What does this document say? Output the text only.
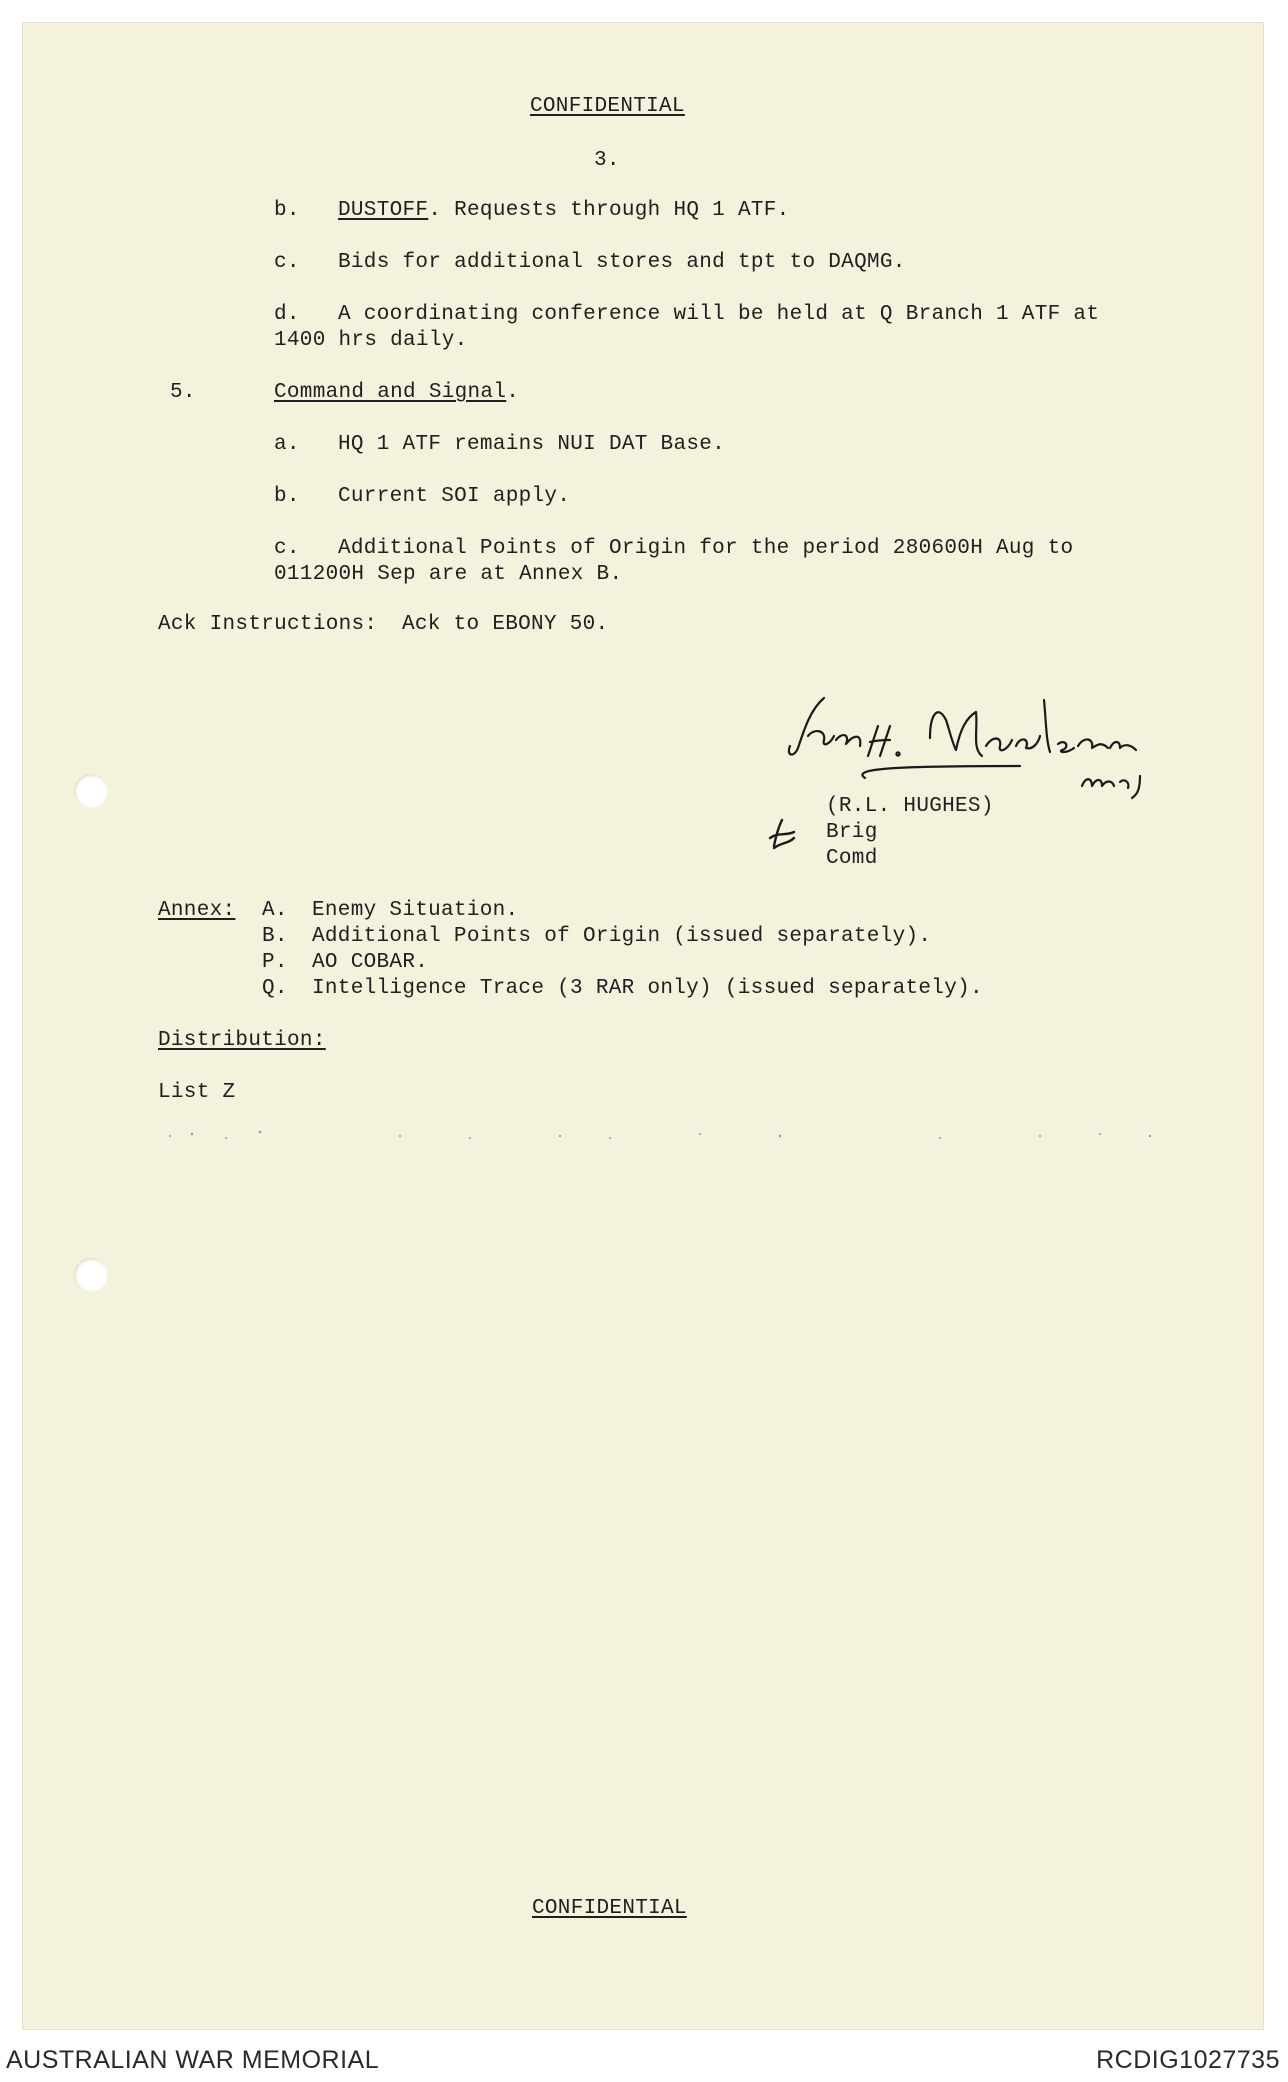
CONFIDENTIAL
3.
b. DUSTOFF. Requests through HQ 1 ATF.
c. Bids for additional stores and tpt to DAQMG.
d. A coordinating conference will be held at Q Branch 1 ATF at
1400 hrs daily.
5.	Command and Signal.
a. HQ 1 ATF remains NUI DAT Base.
b. Current SOI apply.
c. Additional Points of Origin for the period 280600H Aug to
011200H Sep are at Annex B.
Ack Instructions: Ack to EBONY 50.
(R.L. HUGHES)
Brig
Comd
Annex: A. Enemy Situation.
B. Additional Points of Origin (issued separately).
P. AO COBAR.
Q. Intelligence Trace (3 RAR only) (issued separately).
Distribution:
List Z
CONFIDENTIAL
AUSTRALIAN WAR MEMORIAL	RCDIG1027735
